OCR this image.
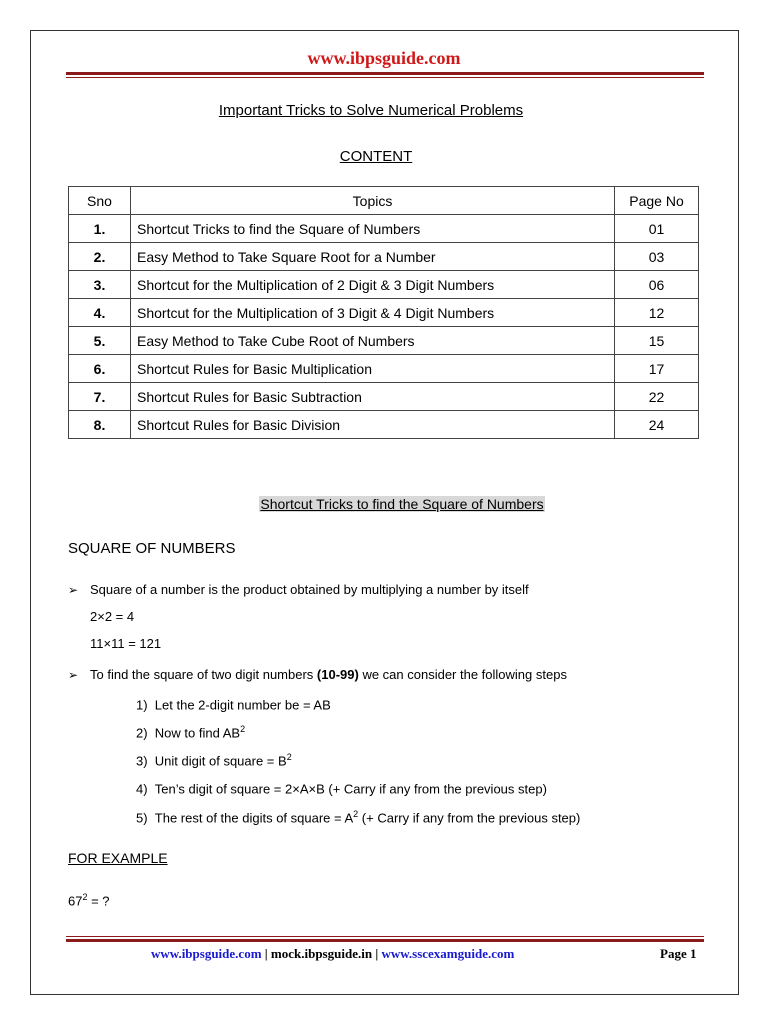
www.ibpsguide.com
Important Tricks to Solve Numerical Problems
CONTENT
Sno	Topics	Page No
1.	Shortcut Tricks to find the Square of Numbers	01
2.	Easy Method to Take Square Root for a Number	03
3.	Shortcut for the Multiplication of 2 Digit & 3 Digit Numbers	06
4.	Shortcut for the Multiplication of 3 Digit & 4 Digit Numbers	12
5.	Easy Method to Take Cube Root of Numbers	15
6.	Shortcut Rules for Basic Multiplication	17
7.	Shortcut Rules for Basic Subtraction	22
8.	Shortcut Rules for Basic Division	24
Shortcut Tricks to find the Square of Numbers
SQUARE OF NUMBERS
➢ Square of a number is the product obtained by multiplying a number by itself
2×2 = 4
11×11 = 121
➢ To find the square of two digit numbers (10-99) we can consider the following steps
1) Let the 2-digit number be = AB
2) Now to find $AB^2$
3) Unit digit of square = $B^2$
4) Ten’s digit of square = 2×A×B (+ Carry if any from the previous step)
5) The rest of the digits of square = $A^2$ (+ Carry if any from the previous step)
FOR EXAMPLE
$67^2$ = ?
www.ibpsguide.com | mock.ibpsguide.in | www.sscexamguide.com	Page 1
